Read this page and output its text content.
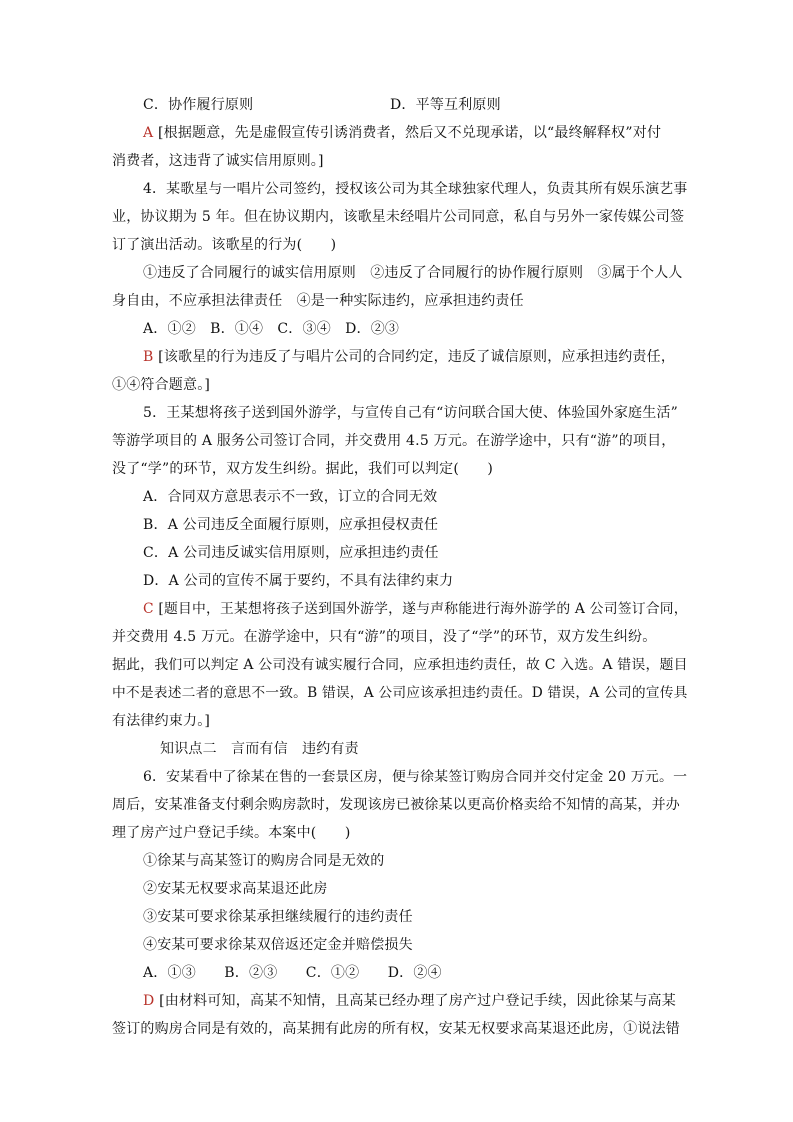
C．协作履行原则	D．平等互利原则
A [根据题意，先是虚假宣传引诱消费者，然后又不兑现承诺，以“最终解释权”对付
消费者，这违背了诚实信用原则。]
4．某歌星与一唱片公司签约，授权该公司为其全球独家代理人，负责其所有娱乐演艺事
业，协议期为 5 年。但在协议期内，该歌星未经唱片公司同意，私自与另外一家传媒公司签
订了演出活动。该歌星的行为(　　)
①违反了合同履行的诚实信用原则　②违反了合同履行的协作履行原则　③属于个人人
身自由，不应承担法律责任　④是一种实际违约，应承担违约责任
A．①②　B．①④　C．③④　D．②③
B [该歌星的行为违反了与唱片公司的合同约定，违反了诚信原则，应承担违约责任，
①④符合题意。]
5．王某想将孩子送到国外游学，与宣传自己有“访问联合国大使、体验国外家庭生活”
等游学项目的 A 服务公司签订合同，并交费用 4.5 万元。在游学途中，只有“游”的项目，
没了“学”的环节，双方发生纠纷。据此，我们可以判定(　　)
A．合同双方意思表示不一致，订立的合同无效
B．A 公司违反全面履行原则，应承担侵权责任
C．A 公司违反诚实信用原则，应承担违约责任
D．A 公司的宣传不属于要约，不具有法律约束力
C [题目中，王某想将孩子送到国外游学，遂与声称能进行海外游学的 A 公司签订合同，
并交费用 4.5 万元。在游学途中，只有“游”的项目，没了“学”的环节，双方发生纠纷。
据此，我们可以判定 A 公司没有诚实履行合同，应承担违约责任，故 C 入选。A 错误，题目
中不是表述二者的意思不一致。B 错误，A 公司应该承担违约责任。D 错误，A 公司的宣传具
有法律约束力。]
知识点二　言而有信　违约有责
6．安某看中了徐某在售的一套景区房，便与徐某签订购房合同并交付定金 20 万元。一
周后，安某准备支付剩余购房款时，发现该房已被徐某以更高价格卖给不知情的高某，并办
理了房产过户登记手续。本案中(　　)
①徐某与高某签订的购房合同是无效的
②安某无权要求高某退还此房
③安某可要求徐某承担继续履行的违约责任
④安某可要求徐某双倍返还定金并赔偿损失
A．①③　　B．②③　　C．①②　　D．②④
D [由材料可知，高某不知情，且高某已经办理了房产过户登记手续，因此徐某与高某
签订的购房合同是有效的，高某拥有此房的所有权，安某无权要求高某退还此房，①说法错
